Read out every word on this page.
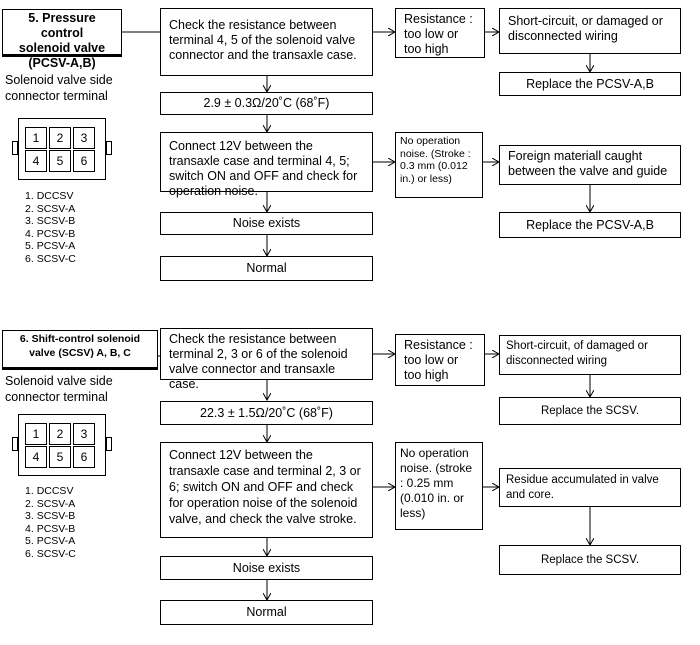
5. Pressure control
solenoid valve
(PCSV-A,B)
Solenoid valve side
connector terminal
1	2	3
4	5	6
1. DCCSV
2. SCSV-A
3. SCSV-B
4. PCSV-B
5. PCSV-A
6. SCSV-C
Check the resistance between terminal 4, 5 of the solenoid valve connector and the transaxle case.
Resistance : too low or too high
Short-circuit, or damaged or disconnected wiring
Replace the PCSV-A,B
2.9 ± 0.3Ω/20˚C (68˚F)
Connect 12V between the transaxle case and terminal 4, 5; switch ON and OFF and check for operation noise.
No operation noise. (Stroke : 0.3 mm (0.012 in.) or less)
Foreign materiall caught between the valve and guide
Replace the PCSV-A,B
Noise exists
Normal
6. Shift-control solenoid
valve (SCSV) A, B, C
Solenoid valve side
connector terminal
1	2	3
4	5	6
1. DCCSV
2. SCSV-A
3. SCSV-B
4. PCSV-B
5. PCSV-A
6. SCSV-C
Check the resistance between terminal 2, 3 or 6 of the solenoid valve connector and transaxle case.
Resistance : too low or too high
Short-circuit, of damaged or disconnected wiring
Replace the SCSV.
22.3 ± 1.5Ω/20˚C (68˚F)
Connect 12V between the transaxle case and terminal 2, 3 or 6; switch ON and OFF and check for operation noise of the solenoid valve, and check the valve stroke.
No operation noise. (stroke : 0.25 mm (0.010 in. or less)
Residue accumulated in valve and core.
Replace the SCSV.
Noise exists
Normal
